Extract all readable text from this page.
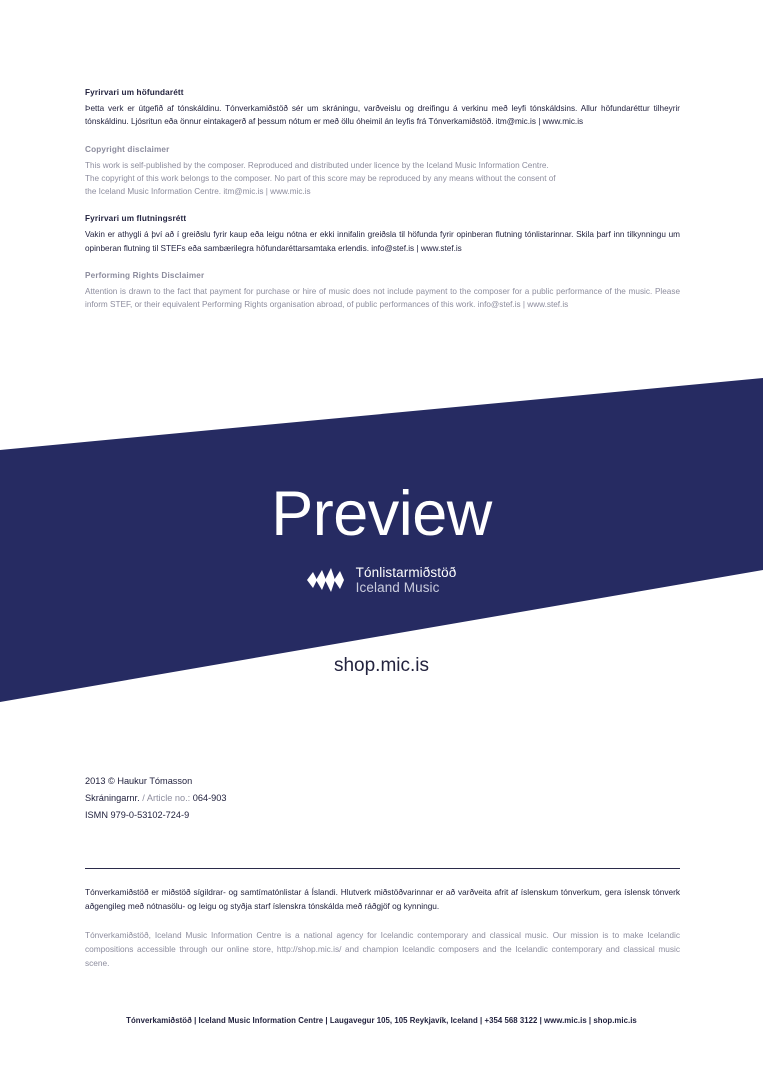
Fyrirvari um höfundarétt

Þetta verk er útgefið af tónskáldinu. Tónverkamiðstöð sér um skráningu, varðveislu og dreifingu á verkinu með leyfi tónskáldsins. Allur höfundaréttur tilheyrir tónskáldinu. Ljósritun eða önnur eintakagerð af þessum nótum er með öllu óheimil án leyfis frá Tónverkamiðstöð. itm@mic.is | www.mic.is

Copyright disclaimer

This work is self-published by the composer. Reproduced and distributed under licence by the Iceland Music Information Centre.

The copyright of this work belongs to the composer. No part of this score may be reproduced by any means without the consent of

the Iceland Music Information Centre. itm@mic.is | www.mic.is

Fyrirvari um flutningsrétt

Vakin er athygli á því að í greiðslu fyrir kaup eða leigu nótna er ekki innifalin greiðsla til höfunda fyrir opinberan flutning tónlistarinnar. Skila þarf inn tilkynningu um opinberan flutning til STEFs eða sambærilegra höfundaréttarsamtaka erlendis. info@stef.is | www.stef.is

Performing Rights Disclaimer

Attention is drawn to the fact that payment for purchase or hire of music does not include payment to the composer for a public performance of the music. Please inform STEF, or their equivalent Performing Rights organisation abroad, of public performances of this work. info@stef.is | www.stef.is

Preview
Tónlistarmiðstöð
Iceland Music
shop.mic.is
2013 © Haukur Tómasson
Skráningarnr. / Article no.: 064-903
ISMN 979-0-53102-724-9

Tónverkamiðstöð er miðstöð sígildrar- og samtímatónlistar á Íslandi. Hlutverk miðstöðvarinnar er að varðveita afrit af íslenskum tónverkum, gera íslensk tónverk aðgengileg með nótnasölu- og leigu og styðja starf íslenskra tónskálda með ráðgjöf og kynningu.

Tónverkamiðstöð, Iceland Music Information Centre is a national agency for Icelandic contemporary and classical music. Our mission is to make Icelandic compositions accessible through our online store, http://shop.mic.is/ and champion Icelandic composers and the Icelandic contemporary and classical music scene.

Tónverkamiðstöð | Iceland Music Information Centre | Laugavegur 105, 105 Reykjavík, Iceland | +354 568 3122 | www.mic.is | shop.mic.is
